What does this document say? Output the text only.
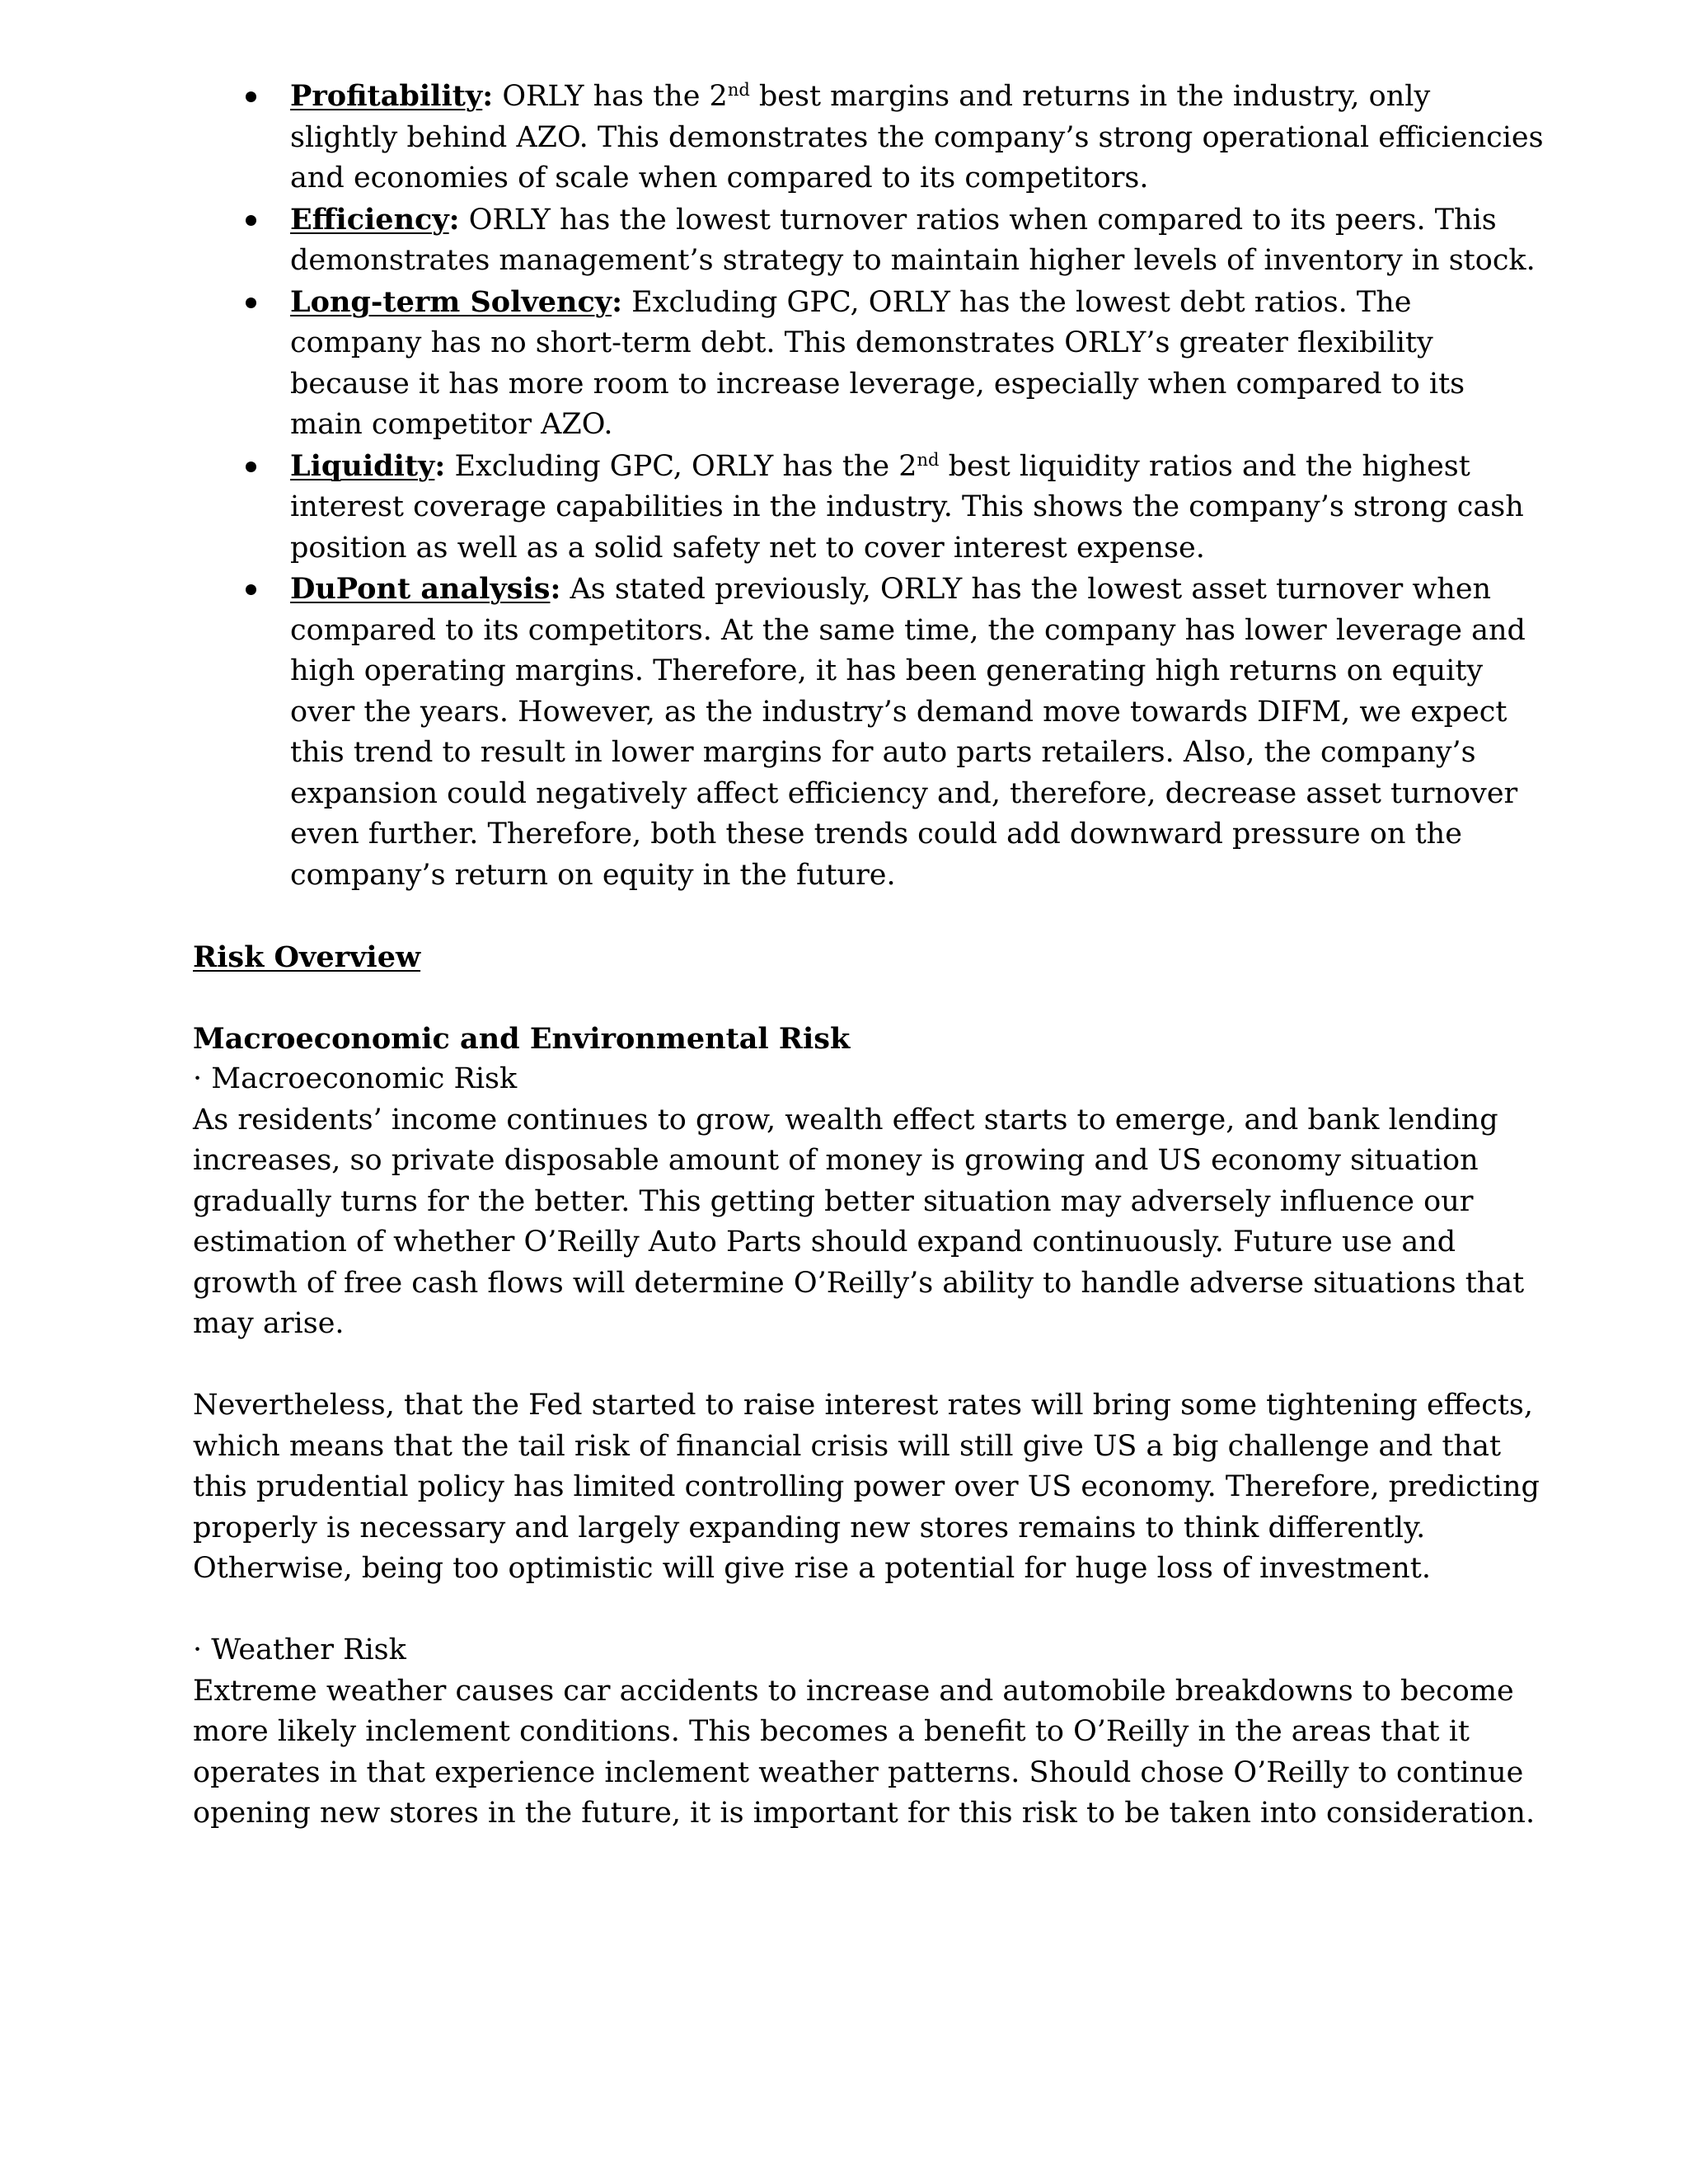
Profitability: ORLY has the 2nd best margins and returns in the industry, only slightly behind AZO. This demonstrates the company’s strong operational efficiencies and economies of scale when compared to its competitors.
Efficiency: ORLY has the lowest turnover ratios when compared to its peers. This demonstrates management’s strategy to maintain higher levels of inventory in stock.
Long-term Solvency: Excluding GPC, ORLY has the lowest debt ratios. The company has no short-term debt. This demonstrates ORLY’s greater flexibility because it has more room to increase leverage, especially when compared to its main competitor AZO.
Liquidity: Excluding GPC, ORLY has the 2nd best liquidity ratios and the highest interest coverage capabilities in the industry. This shows the company’s strong cash position as well as a solid safety net to cover interest expense.
DuPont analysis: As stated previously, ORLY has the lowest asset turnover when compared to its competitors. At the same time, the company has lower leverage and high operating margins. Therefore, it has been generating high returns on equity over the years. However, as the industry’s demand move towards DIFM, we expect this trend to result in lower margins for auto parts retailers. Also, the company’s expansion could negatively affect efficiency and, therefore, decrease asset turnover even further. Therefore, both these trends could add downward pressure on the company’s return on equity in the future.

Risk Overview

Macroeconomic and Environmental Risk

· Macroeconomic Risk

As residents’ income continues to grow, wealth effect starts to emerge, and bank lending increases, so private disposable amount of money is growing and US economy situation gradually turns for the better. This getting better situation may adversely influence our estimation of whether O’Reilly Auto Parts should expand continuously. Future use and growth of free cash flows will determine O’Reilly’s ability to handle adverse situations that may arise.

Nevertheless, that the Fed started to raise interest rates will bring some tightening effects, which means that the tail risk of financial crisis will still give US a big challenge and that this prudential policy has limited controlling power over US economy. Therefore, predicting properly is necessary and largely expanding new stores remains to think differently. Otherwise, being too optimistic will give rise a potential for huge loss of investment.

· Weather Risk

Extreme weather causes car accidents to increase and automobile breakdowns to become more likely inclement conditions. This becomes a benefit to O’Reilly in the areas that it operates in that experience inclement weather patterns. Should chose O’Reilly to continue opening new stores in the future, it is important for this risk to be taken into consideration.
